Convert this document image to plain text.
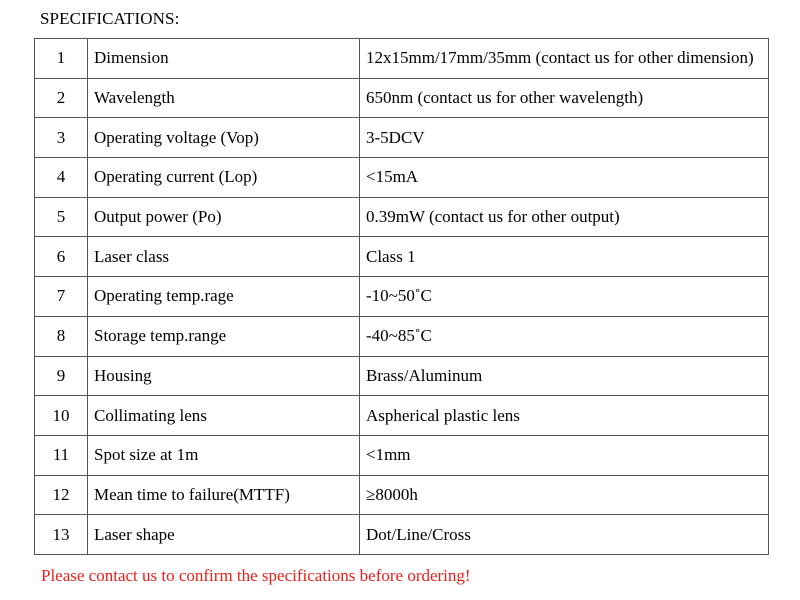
SPECIFICATIONS:
1	Dimension	12x15mm/17mm/35mm (contact us for other dimension)
2	Wavelength	650nm (contact us for other wavelength)
3	Operating voltage (Vop)	3-5DCV
4	Operating current (Lop)	<15mA
5	Output power (Po)	0.39mW (contact us for other output)
6	Laser class	Class 1
7	Operating temp.rage	-10~50˚C
8	Storage temp.range	-40~85˚C
9	Housing	Brass/Aluminum
10	Collimating lens	Aspherical plastic lens
11	Spot size at 1m	<1mm
12	Mean time to failure(MTTF)	≥8000h
13	Laser shape	Dot/Line/Cross
Please contact us to confirm the specifications before ordering!
